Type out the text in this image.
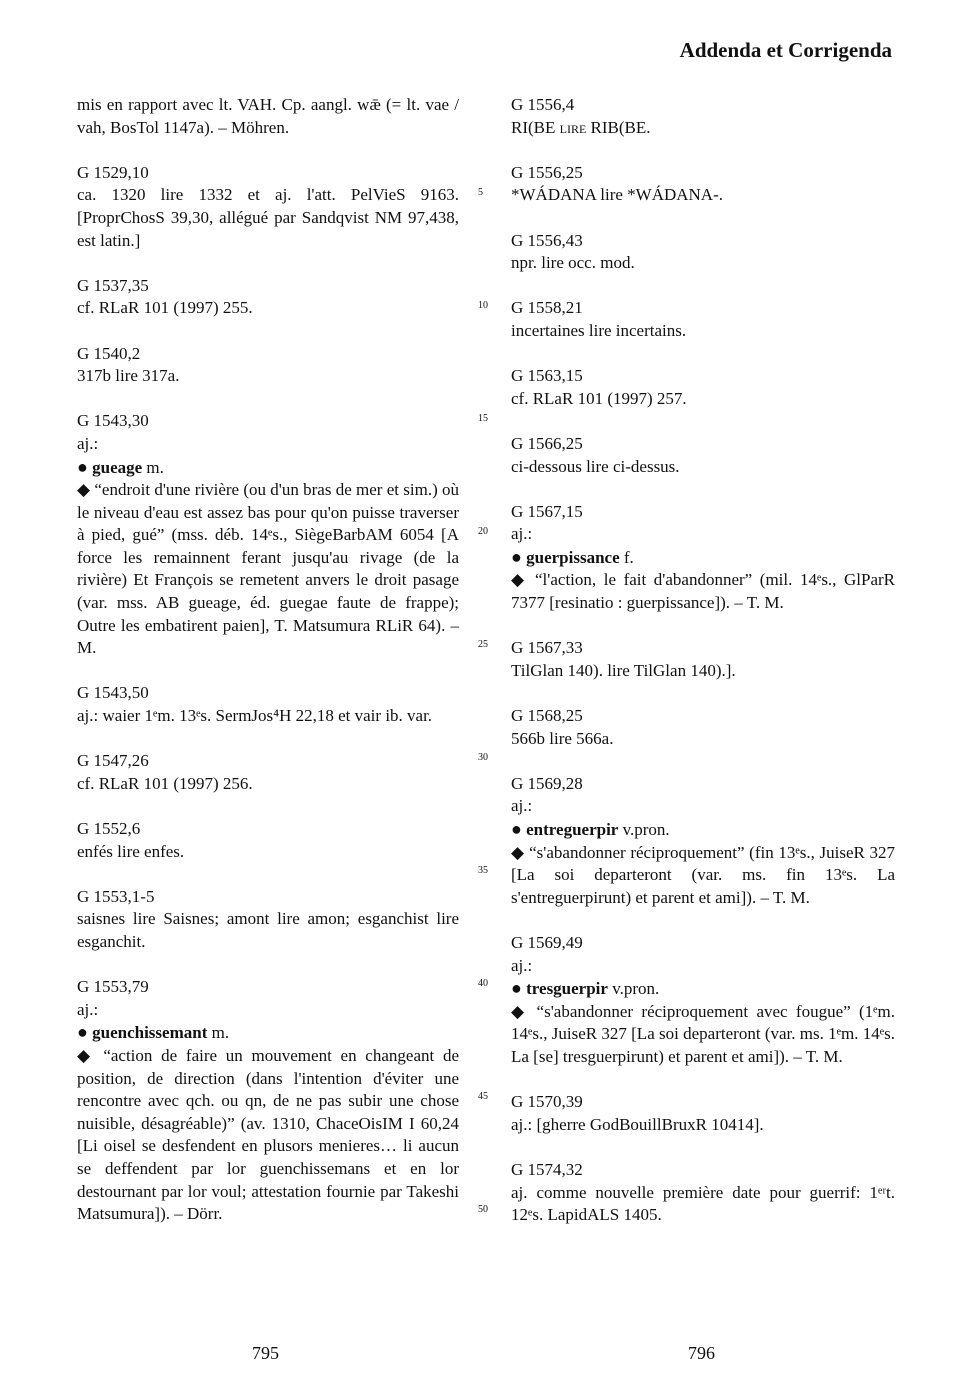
Addenda et Corrigenda

mis en rapport avec lt. VAH. Cp. aangl. wǣ (= lt. vae / vah, BosTol 1147a). – Möhren.

G 1529,10

ca. 1320 lire 1332 et aj. l'att. PelVieS 9163. [ProprChosS 39,30, allégué par Sandqvist NM 97,438, est latin.]

G 1537,35

cf. RLaR 101 (1997) 255.

G 1540,2

317b lire 317a.

G 1543,30

aj.:

● gueage m.

◆ “endroit d'une rivière (ou d'un bras de mer et sim.) où le niveau d'eau est assez bas pour qu'on puisse traverser à pied, gué” (mss. déb. 14ᵉs., SiègeBarbAM 6054 [A force les remainnent ferant jusqu'au rivage (de la rivière) Et François se remetent anvers le droit pasage (var. mss. AB gueage, éd. guegae faute de frappe); Outre les embatirent paien], T. Matsumura RLiR 64). – M.

G 1543,50

aj.: waier 1ᵉm. 13ᵉs. SermJos⁴H 22,18 et vair ib. var.

G 1547,26

cf. RLaR 101 (1997) 256.

G 1552,6

enfés lire enfes.

G 1553,1-5

saisnes lire Saisnes; amont lire amon; esganchist lire esganchit.

G 1553,79

aj.:

● guenchissemant m.

◆ “action de faire un mouvement en changeant de position, de direction (dans l'intention d'éviter une rencontre avec qch. ou qn, de ne pas subir une chose nuisible, désagréable)” (av. 1310, ChaceOisIM I 60,24 [Li oisel se desfendent en plusors menieres… li aucun se deffendent par lor guenchissemans et en lor destournant par lor voul; attestation fournie par Takeshi Matsumura]). – Dörr.

5
10
15
20
25
30
35
40
45
50

G 1556,4

RI(BE lire RIB(BE.

G 1556,25

*WÁDANA lire *WÁDANA-.

G 1556,43

npr. lire occ. mod.

G 1558,21

incertaines lire incertains.

G 1563,15

cf. RLaR 101 (1997) 257.

G 1566,25

ci-dessous lire ci-dessus.

G 1567,15

aj.:

● guerpissance f.

◆ “l'action, le fait d'abandonner” (mil. 14ᵉs., GlParR 7377 [resinatio : guerpissance]). – T. M.

G 1567,33

TilGlan 140). lire TilGlan 140).].

G 1568,25

566b lire 566a.

G 1569,28

aj.:

● entreguerpir v.pron.

◆ “s'abandonner réciproquement” (fin 13ᵉs., JuiseR 327 [La soi departeront (var. ms. fin 13ᵉs. La s'entreguerpirunt) et parent et ami]). – T. M.

G 1569,49

aj.:

● tresguerpir v.pron.

◆ “s'abandonner réciproquement avec fougue” (1ᵉm. 14ᵉs., JuiseR 327 [La soi departeront (var. ms. 1ᵉm. 14ᵉs. La [se] tresguerpirunt) et parent et ami]). – T. M.

G 1570,39

aj.: [gherre GodBouillBruxR 10414].

G 1574,32

aj. comme nouvelle première date pour guerrif: 1ᵉʳt. 12ᵉs. LapidALS 1405.

795	796
